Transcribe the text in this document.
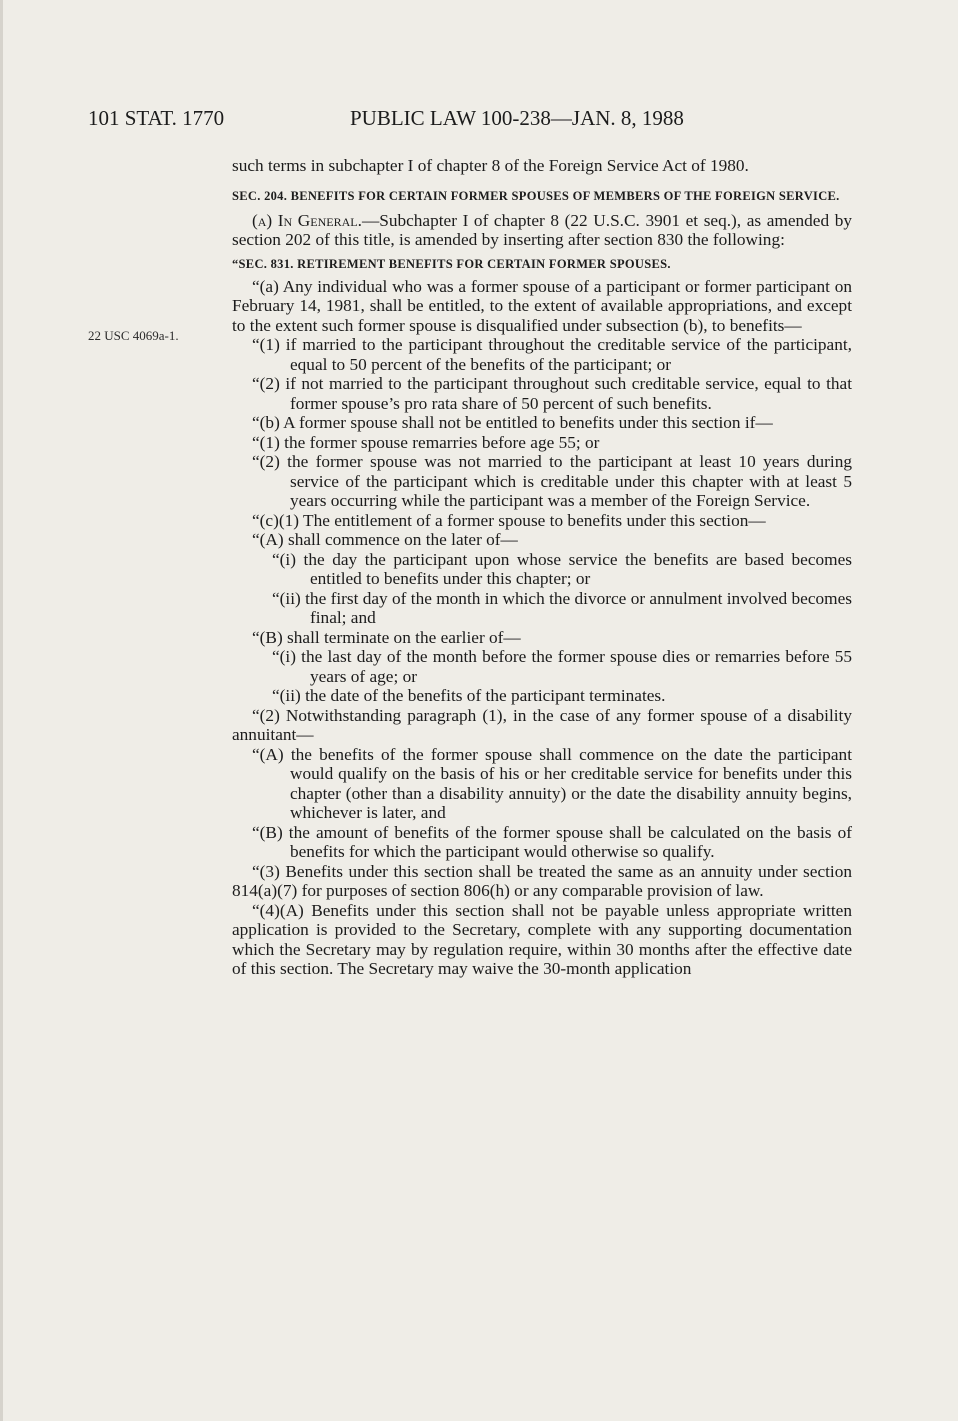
101 STAT. 1770	PUBLIC LAW 100-238—JAN. 8, 1988
22 USC 4069a-1.

such terms in subchapter I of chapter 8 of the Foreign Service Act of 1980.

SEC. 204. BENEFITS FOR CERTAIN FORMER SPOUSES OF MEMBERS OF THE FOREIGN SERVICE.

(a) In General.—Subchapter I of chapter 8 (22 U.S.C. 3901 et seq.), as amended by section 202 of this title, is amended by inserting after section 830 the following:

“SEC. 831. RETIREMENT BENEFITS FOR CERTAIN FORMER SPOUSES.

“(a) Any individual who was a former spouse of a participant or former participant on February 14, 1981, shall be entitled, to the extent of available appropriations, and except to the extent such former spouse is disqualified under subsection (b), to benefits—

“(1) if married to the participant throughout the creditable service of the participant, equal to 50 percent of the benefits of the participant; or

“(2) if not married to the participant throughout such creditable service, equal to that former spouse’s pro rata share of 50 percent of such benefits.

“(b) A former spouse shall not be entitled to benefits under this section if—

“(1) the former spouse remarries before age 55; or

“(2) the former spouse was not married to the participant at least 10 years during service of the participant which is creditable under this chapter with at least 5 years occurring while the participant was a member of the Foreign Service.

“(c)(1) The entitlement of a former spouse to benefits under this section—

“(A) shall commence on the later of—

“(i) the day the participant upon whose service the benefits are based becomes entitled to benefits under this chapter; or

“(ii) the first day of the month in which the divorce or annulment involved becomes final; and

“(B) shall terminate on the earlier of—

“(i) the last day of the month before the former spouse dies or remarries before 55 years of age; or

“(ii) the date of the benefits of the participant terminates.

“(2) Notwithstanding paragraph (1), in the case of any former spouse of a disability annuitant—

“(A) the benefits of the former spouse shall commence on the date the participant would qualify on the basis of his or her creditable service for benefits under this chapter (other than a disability annuity) or the date the disability annuity begins, whichever is later, and

“(B) the amount of benefits of the former spouse shall be calculated on the basis of benefits for which the participant would otherwise so qualify.

“(3) Benefits under this section shall be treated the same as an annuity under section 814(a)(7) for purposes of section 806(h) or any comparable provision of law.

“(4)(A) Benefits under this section shall not be payable unless appropriate written application is provided to the Secretary, complete with any supporting documentation which the Secretary may by regulation require, within 30 months after the effective date of this section. The Secretary may waive the 30-month application
